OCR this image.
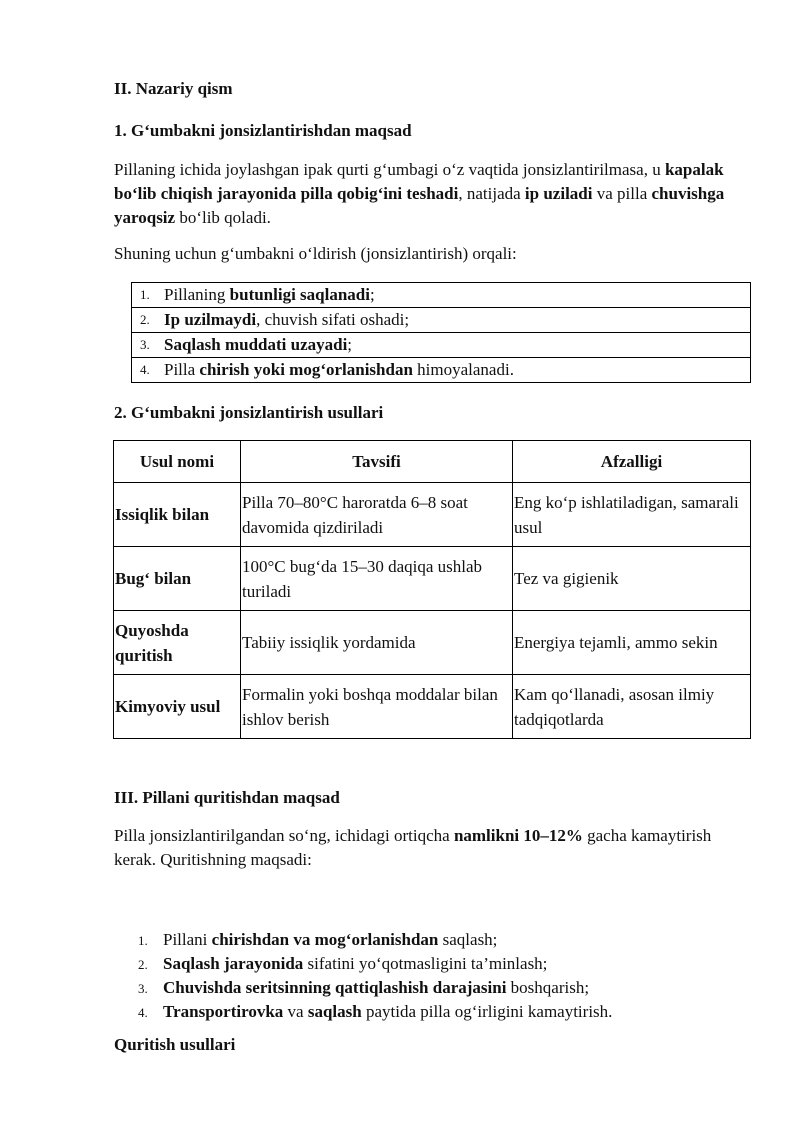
II. Nazariy qism
1. G‘umbakni jonsizlantirishdan maqsad

Pillaning ichida joylashgan ipak qurti g‘umbagi o‘z vaqtida jonsizlantirilmasa, u kapalak bo‘lib chiqish jarayonida pilla qobig‘ini teshadi, natijada ip uziladi va pilla chuvishga yaroqsiz bo‘lib qoladi.

Shuning uchun g‘umbakni o‘ldirish (jonsizlantirish) orqali:

1. Pillaning butunligi saqlanadi;
2. Ip uzilmaydi, chuvish sifati oshadi;
3. Saqlash muddati uzayadi;
4. Pilla chirish yoki mog‘orlanishdan himoyalanadi.
2. G‘umbakni jonsizlantirish usullari
Usul nomi	Tavsifi	Afzalligi
Issiqlik bilan	Pilla 70–80°C haroratda 6–8 soat davomida qizdiriladi	Eng ko‘p ishlatiladigan, samarali usul
Bug‘ bilan	100°C bug‘da 15–30 daqiqa ushlab turiladi	Tez va gigienik
Quyoshda quritish	Tabiiy issiqlik yordamida	Energiya tejamli, ammo sekin
Kimyoviy usul	Formalin yoki boshqa moddalar bilan ishlov berish	Kam qo‘llanadi, asosan ilmiy tadqiqotlarda
III. Pillani quritishdan maqsad

Pilla jonsizlantirilgandan so‘ng, ichidagi ortiqcha namlikni 10–12% gacha kamaytirish kerak. Quritishning maqsadi:

1. Pillani chirishdan va mog‘orlanishdan saqlash;
2. Saqlash jarayonida sifatini yo‘qotmasligini ta’minlash;
3. Chuvishda seritsinning qattiqlashish darajasini boshqarish;
4. Transportirovka va saqlash paytida pilla og‘irligini kamaytirish.
Quritish usullari
